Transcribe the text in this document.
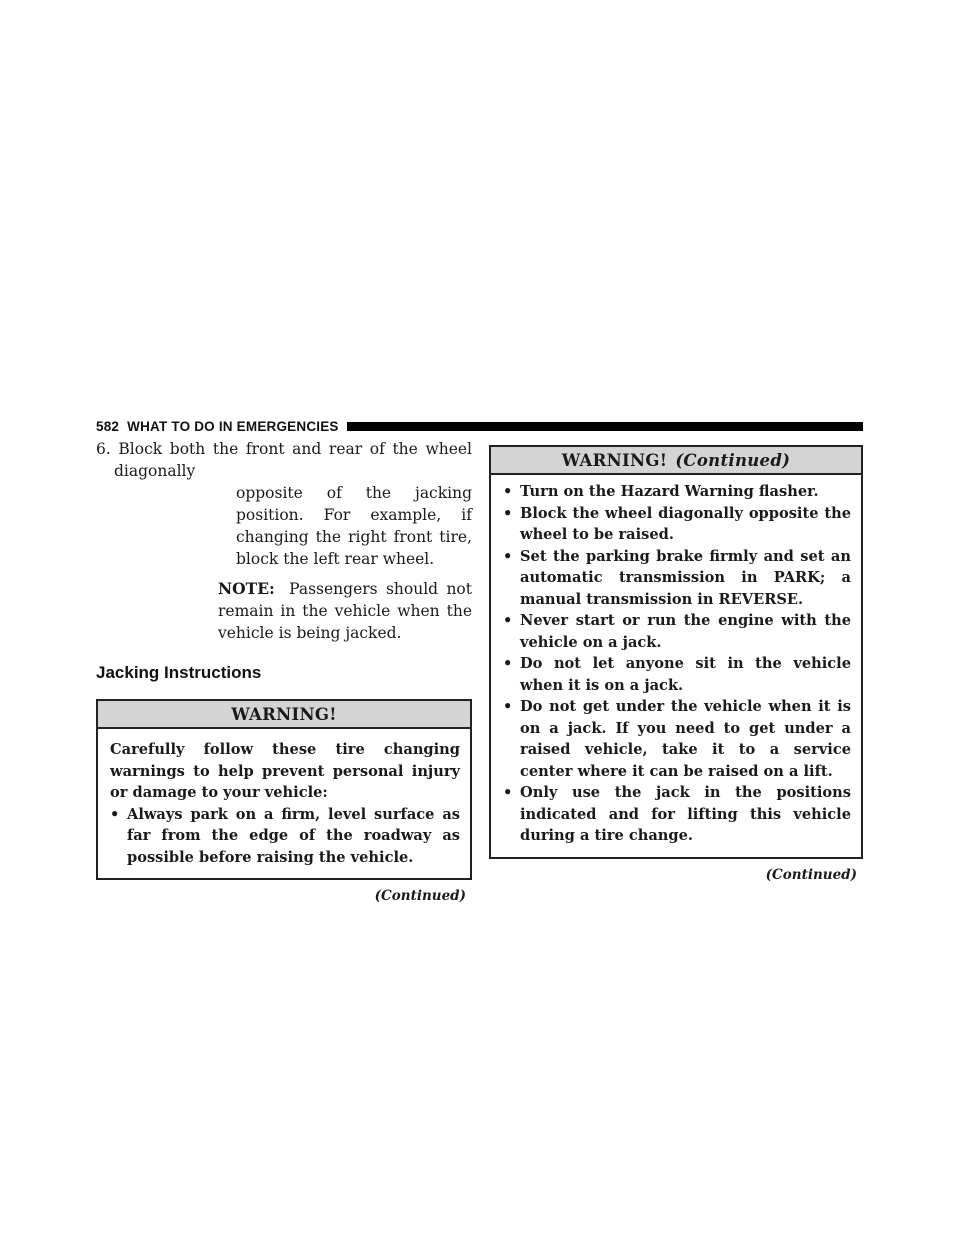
582 WHAT TO DO IN EMERGENCIES
6. Block both the front and rear of the wheel diagonally
opposite of the jacking position. For example, if changing the right front tire, block the left rear wheel.
NOTE: Passengers should not remain in the vehicle when the vehicle is being jacked.
Jacking Instructions
WARNING!

Carefully follow these tire changing warnings to help prevent personal injury or damage to your vehicle:

• Always park on a firm, level surface as far from the edge of the roadway as possible before raising the vehicle.
(Continued)
WARNING! (Continued)
• Turn on the Hazard Warning flasher.
• Block the wheel diagonally opposite the wheel to be raised.
• Set the parking brake firmly and set an automatic transmission in PARK; a manual transmission in REVERSE.
• Never start or run the engine with the vehicle on a jack.
• Do not let anyone sit in the vehicle when it is on a jack.
• Do not get under the vehicle when it is on a jack. If you need to get under a raised vehicle, take it to a service center where it can be raised on a lift.
• Only use the jack in the positions indicated and for lifting this vehicle during a tire change.
(Continued)
